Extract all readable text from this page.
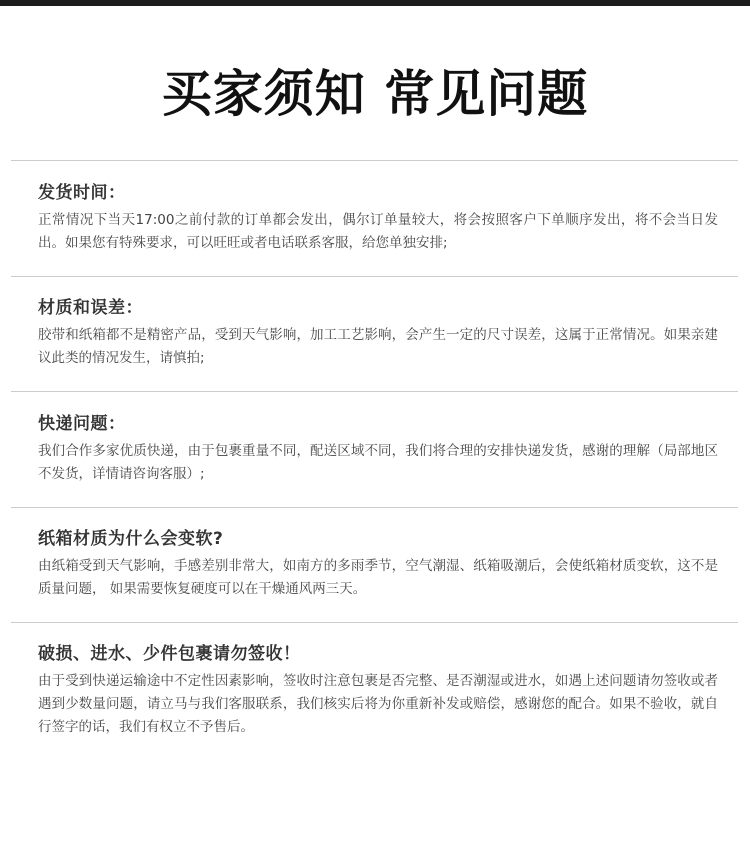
买家须知 常见问题
发货时间：

正常情况下当天17:00之前付款的订单都会发出，偶尔订单量较大，将会按照客户下单顺序发出，将不会当日发出。如果您有特殊要求，可以旺旺或者电话联系客服，给您单独安排;

材质和误差：

胶带和纸箱都不是精密产品，受到天气影响，加工工艺影响，会产生一定的尺寸误差，这属于正常情况。如果亲建议此类的情况发生，请慎拍;

快递问题：

我们合作多家优质快递，由于包裹重量不同，配送区域不同，我们将合理的安排快递发货，感谢的理解（局部地区不发货，详情请咨询客服）;

纸箱材质为什么会变软?

由纸箱受到天气影响，手感差别非常大，如南方的多雨季节，空气潮湿、纸箱吸潮后，会使纸箱材质变软，这不是质量问题， 如果需要恢复硬度可以在干燥通风两三天。

破损、进水、少件包裹请勿签收！

由于受到快递运输途中不定性因素影响，签收时注意包裹是否完整、是否潮湿或进水，如遇上述问题请勿签收或者遇到少数量问题，请立马与我们客服联系，我们核实后将为你重新补发或赔偿，感谢您的配合。如果不验收，就自行签字的话，我们有权立不予售后。
